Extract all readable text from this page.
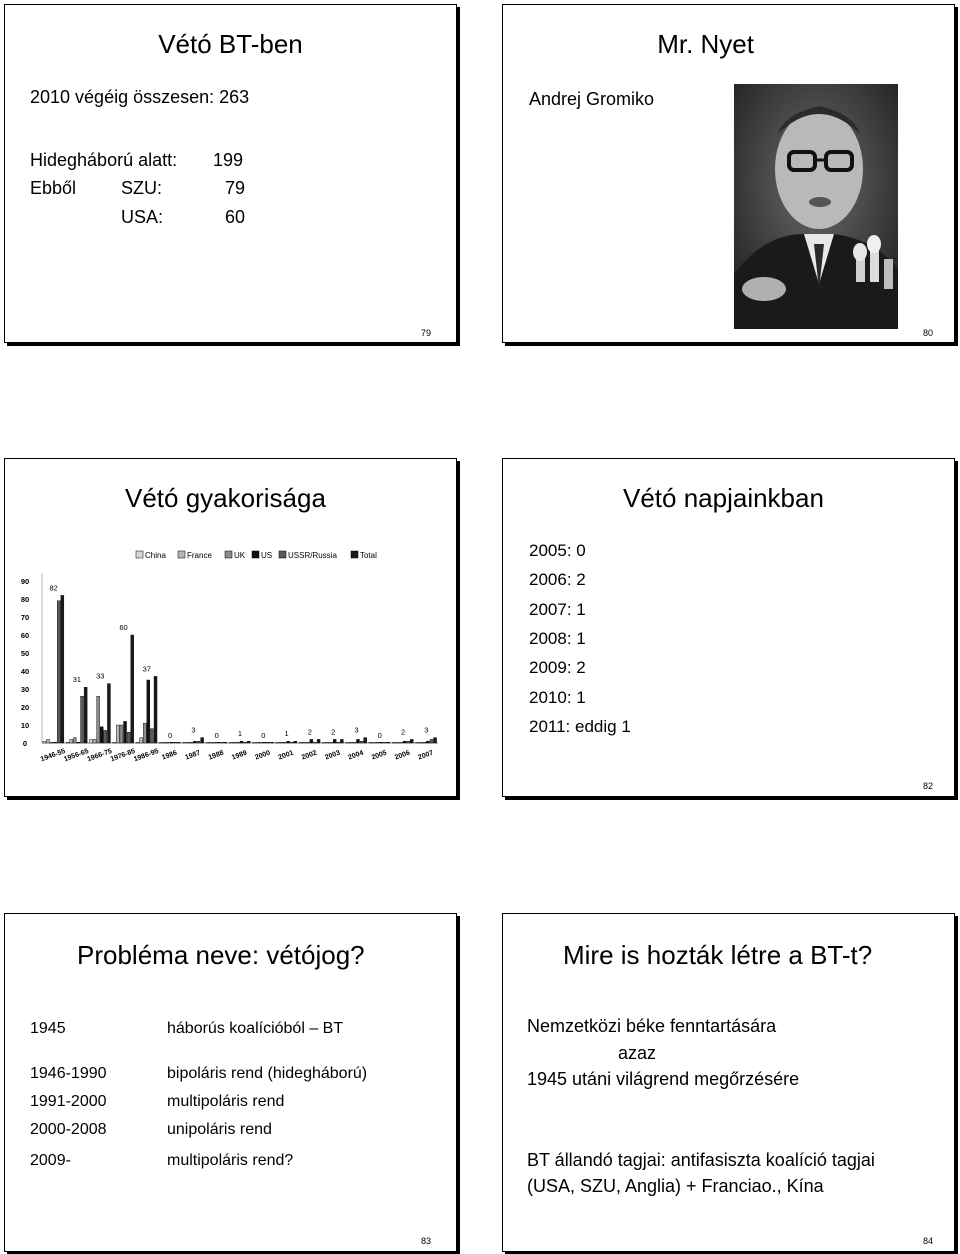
Vétó BT-ben
2010 végéig összesen: 263
Hidegháború alatt: 199
Ebből SZU:	79
USA:	60
79
Mr. Nyet
Andrej Gromiko
80
Vétó gyakorisága
China	France	UK US USSR/Russia	Total
0
10
20
30
40
50
60
70
80
90
82
1946-55
31
1956-65
33
1966-75
60
1976-85
37
1986-95
0
1986
3
1987
0
1988
1
1989
0
2000
1
2001
2
2002
2
2003
3
2004
0
2005
2
2006
3
2007
Vétó napjainkban
2005: 0
2006: 2
2007: 1
2008: 1
2009: 2
2010: 1
2011: eddig 1
82
Probléma neve: vétójog?
1945	háborús koalícióból – BT
1946-1990	bipoláris rend (hidegháború)
1991-2000	multipoláris rend
2000-2008	unipoláris rend
2009-	multipoláris rend?
83
Mire is hozták létre a BT-t?
Nemzetközi béke fenntartására
azaz
1945 utáni világrend megőrzésére
BT állandó tagjai: antifasiszta koalíció tagjai
(USA, SZU, Anglia) + Franciao., Kína
84
